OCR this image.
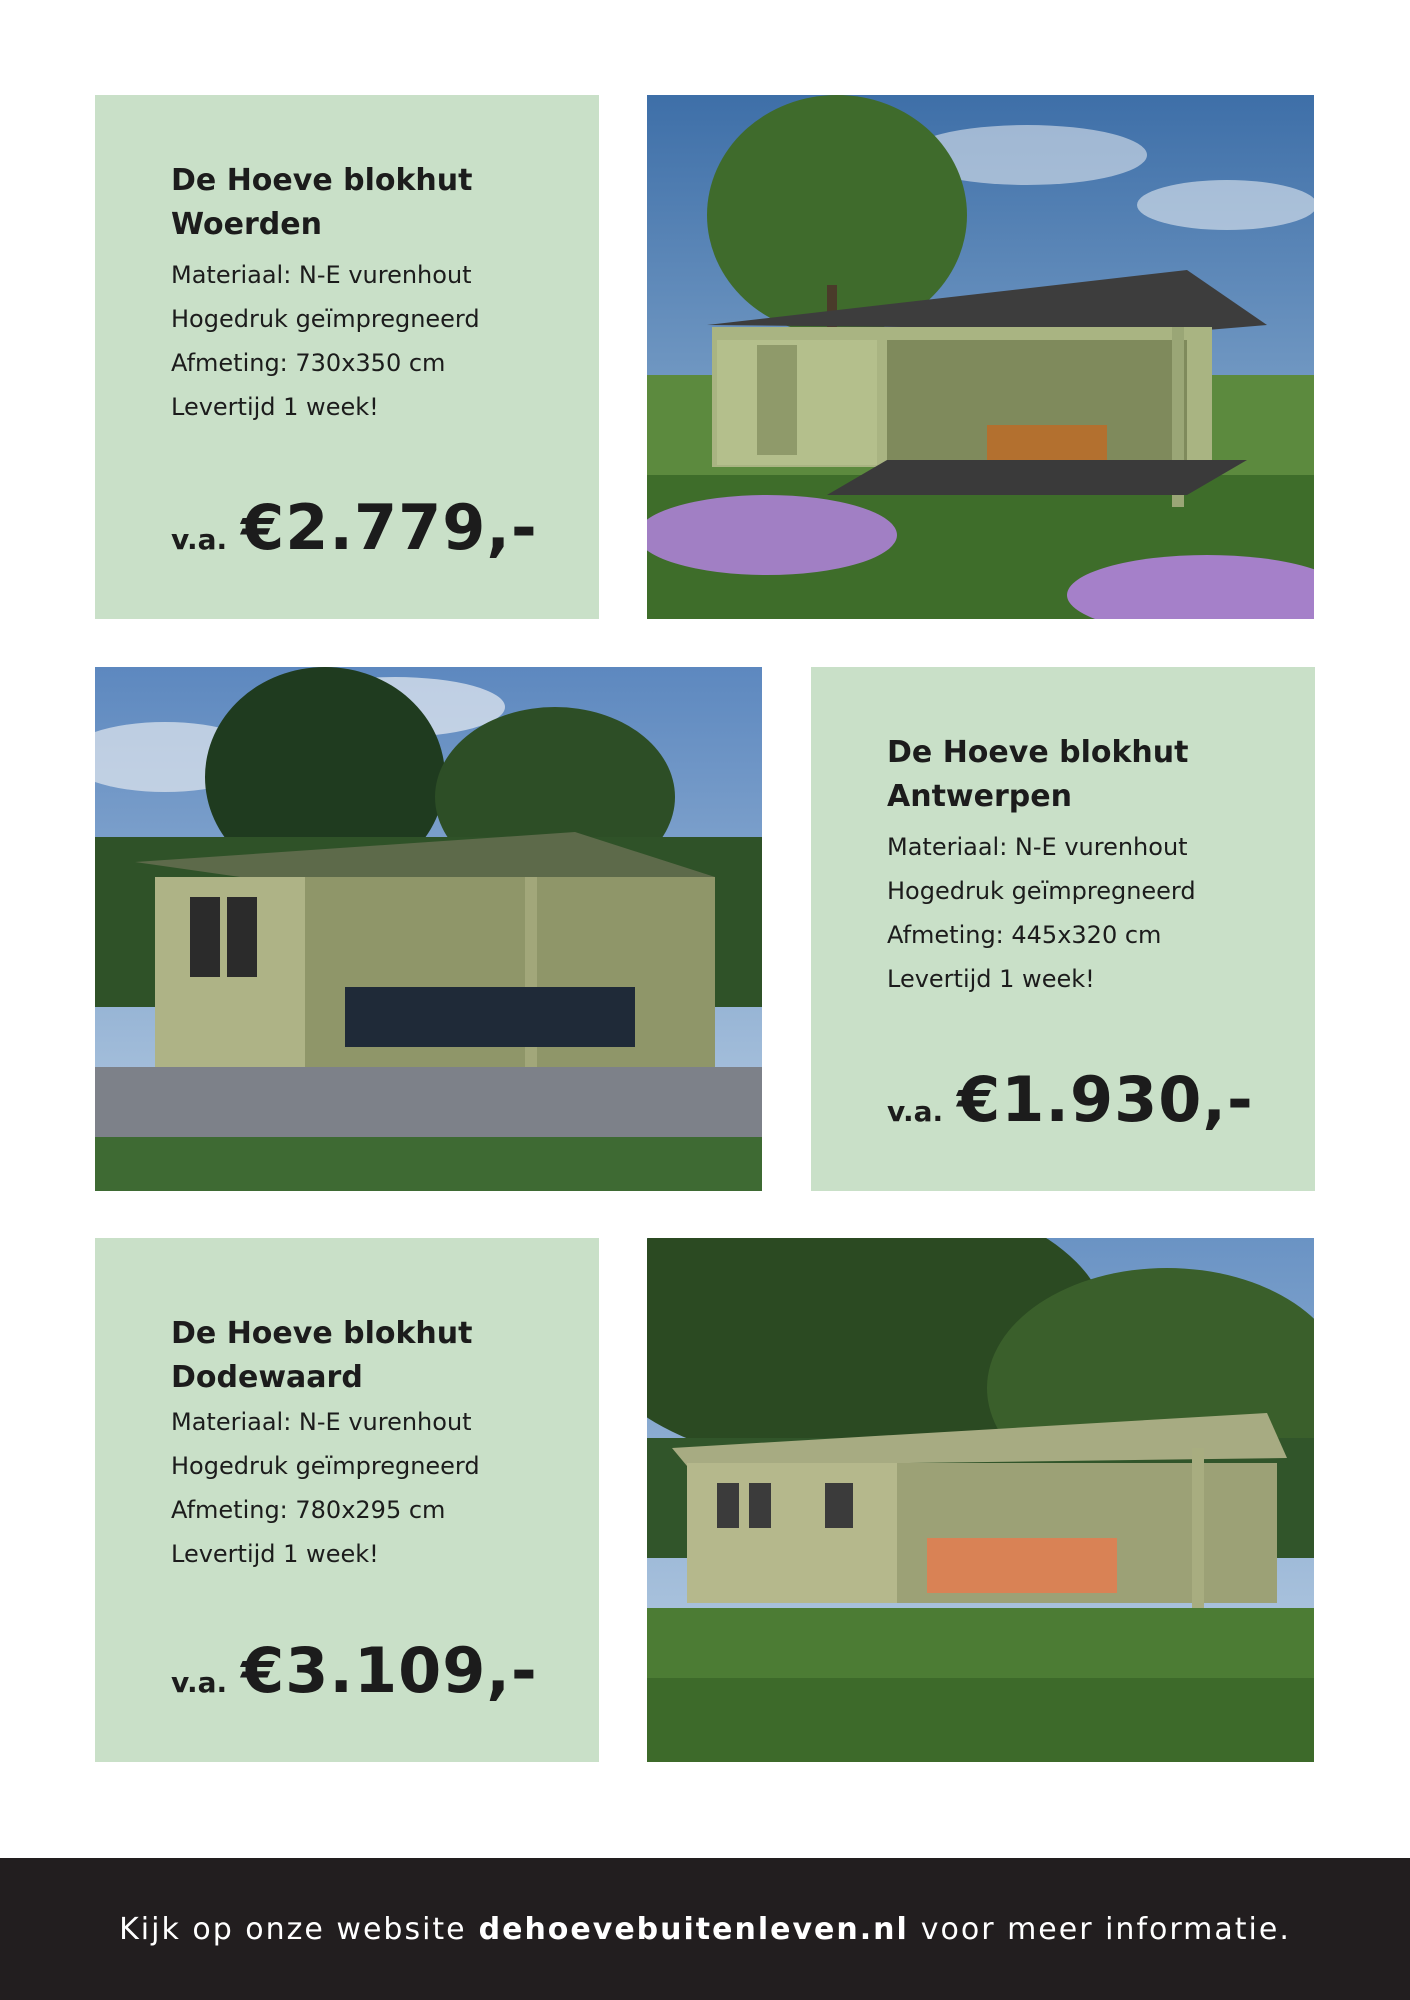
De Hoeve blokhut

Woerden

Materiaal: N-E vurenhout

Hogedruk geïmpregneerd

Afmeting: 730x350 cm

Levertijd 1 week!

v.a. €2.779,-

De Hoeve blokhut

Antwerpen

Materiaal: N-E vurenhout

Hogedruk geïmpregneerd

Afmeting: 445x320 cm

Levertijd 1 week!

v.a. €1.930,-

De Hoeve blokhut

Dodewaard

Materiaal: N-E vurenhout

Hogedruk geïmpregneerd

Afmeting: 780x295 cm

Levertijd 1 week!

v.a. €3.109,-
Kijk op onze website dehoevebuitenleven.nl voor meer informatie.
